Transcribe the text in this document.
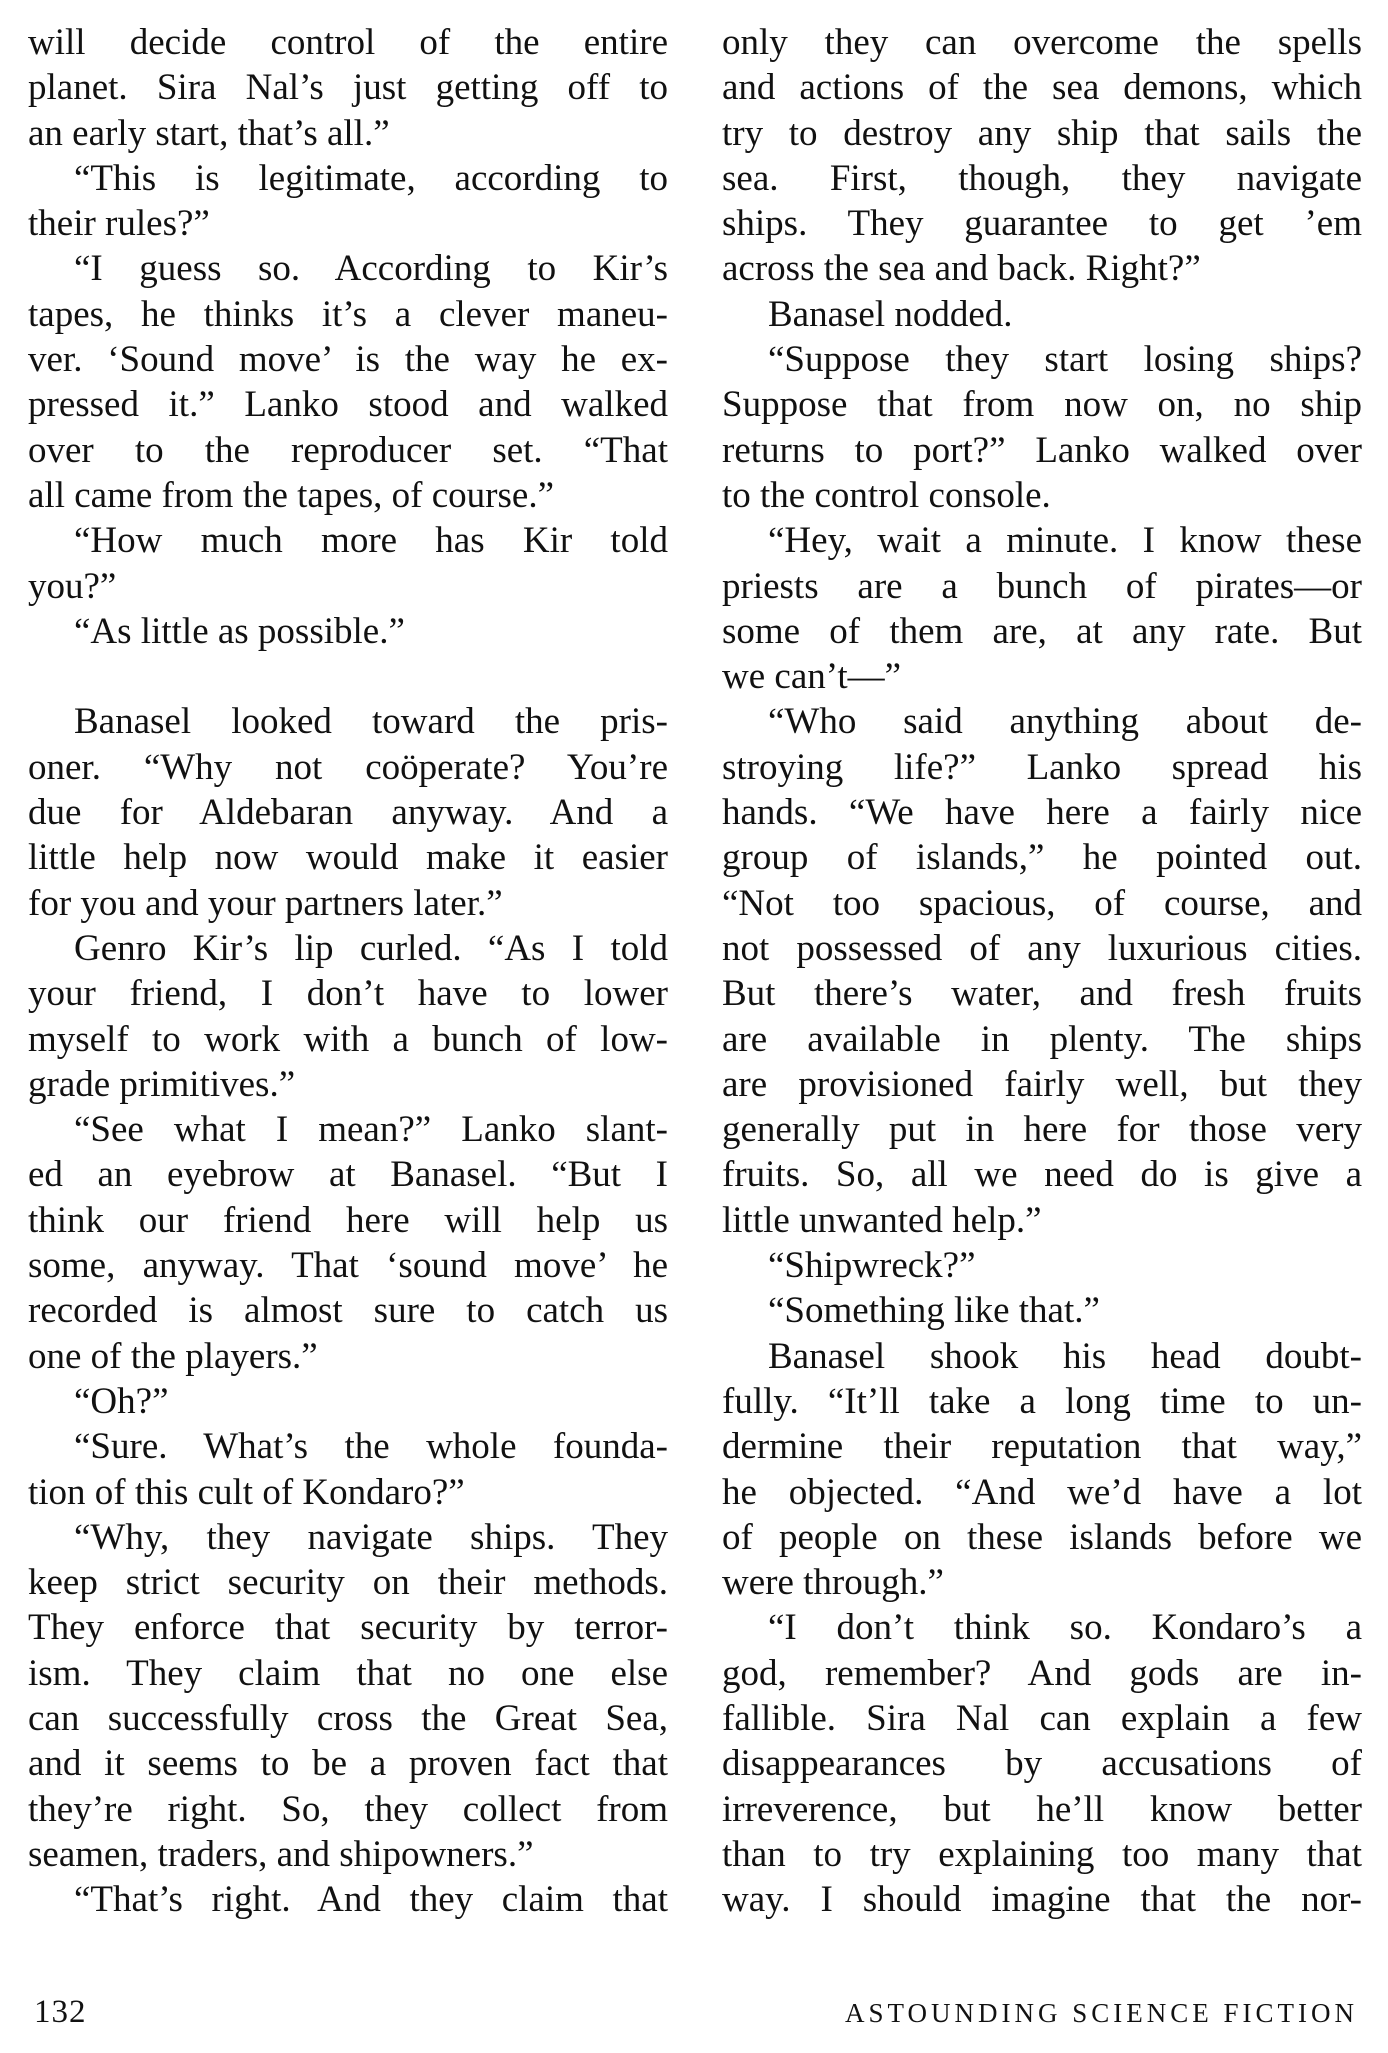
will decide control of the entire
planet. Sira Nal’s just getting off to
an early start, that’s all.”
“This is legitimate, according to
their rules?”
“I guess so. According to Kir’s
tapes, he thinks it’s a clever maneu-
ver. ‘Sound move’ is the way he ex-
pressed it.” Lanko stood and walked
over to the reproducer set. “That
all came from the tapes, of course.”
“How much more has Kir told
you?”
“As little as possible.”
Banasel looked toward the pris-
oner. “Why not coöperate? You’re
due for Aldebaran anyway. And a
little help now would make it easier
for you and your partners later.”
Genro Kir’s lip curled. “As I told
your friend, I don’t have to lower
myself to work with a bunch of low-
grade primitives.”
“See what I mean?” Lanko slant-
ed an eyebrow at Banasel. “But I
think our friend here will help us
some, anyway. That ‘sound move’ he
recorded is almost sure to catch us
one of the players.”
“Oh?”
“Sure. What’s the whole founda-
tion of this cult of Kondaro?”
“Why, they navigate ships. They
keep strict security on their methods.
They enforce that security by terror-
ism. They claim that no one else
can successfully cross the Great Sea,
and it seems to be a proven fact that
they’re right. So, they collect from
seamen, traders, and shipowners.”
“That’s right. And they claim that
only they can overcome the spells
and actions of the sea demons, which
try to destroy any ship that sails the
sea. First, though, they navigate
ships. They guarantee to get ’em
across the sea and back. Right?”
Banasel nodded.
“Suppose they start losing ships?
Suppose that from now on, no ship
returns to port?” Lanko walked over
to the control console.
“Hey, wait a minute. I know these
priests are a bunch of pirates—or
some of them are, at any rate. But
we can’t—”
“Who said anything about de-
stroying life?” Lanko spread his
hands. “We have here a fairly nice
group of islands,” he pointed out.
“Not too spacious, of course, and
not possessed of any luxurious cities.
But there’s water, and fresh fruits
are available in plenty. The ships
are provisioned fairly well, but they
generally put in here for those very
fruits. So, all we need do is give a
little unwanted help.”
“Shipwreck?”
“Something like that.”
Banasel shook his head doubt-
fully. “It’ll take a long time to un-
dermine their reputation that way,”
he objected. “And we’d have a lot
of people on these islands before we
were through.”
“I don’t think so. Kondaro’s a
god, remember? And gods are in-
fallible. Sira Nal can explain a few
disappearances by accusations of
irreverence, but he’ll know better
than to try explaining too many that
way. I should imagine that the nor-
132	ASTOUNDING SCIENCE FICTION
